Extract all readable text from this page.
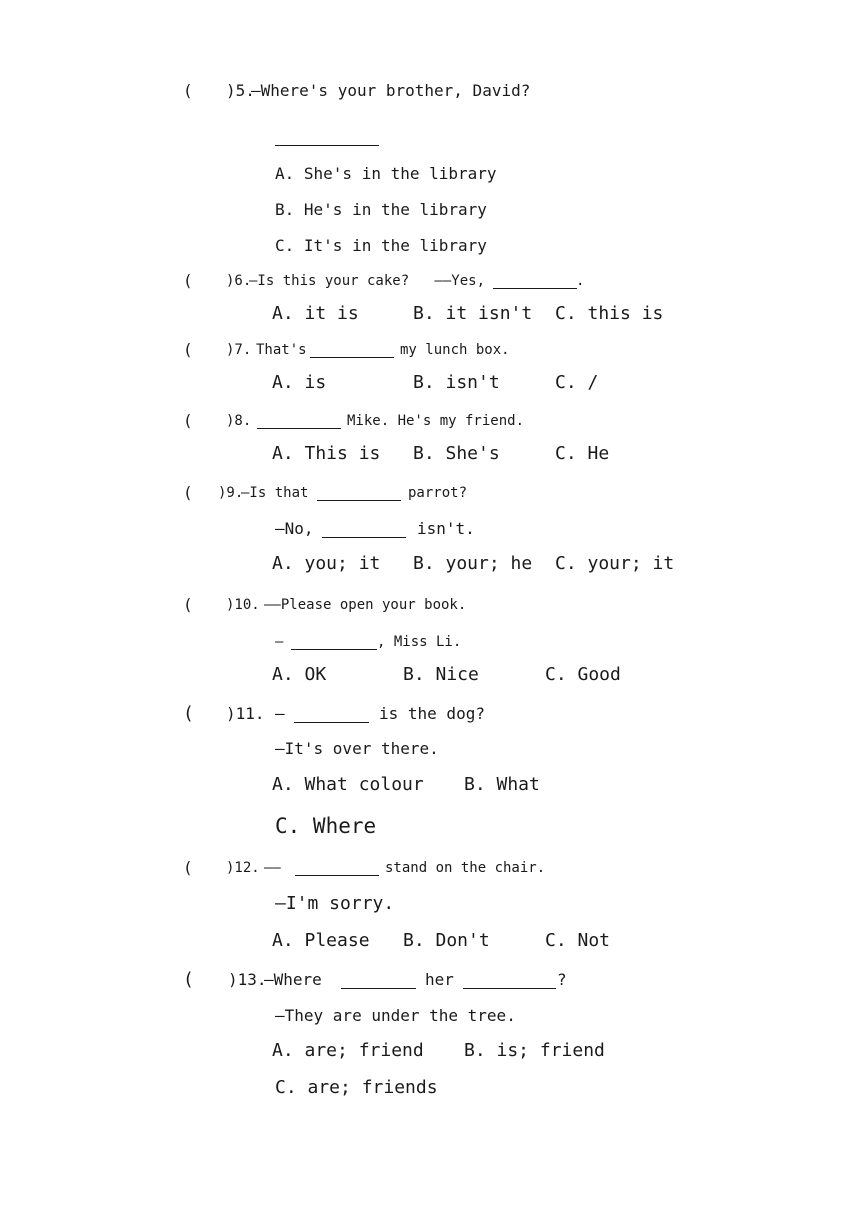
( )5.
—Where's your brother, David?
A. She's in the library
B. He's in the library
C. It's in the library
( )6.
—Is this your cake?   ——Yes,	.
A. it is	B. it isn't C. this is
( )7. That's	my lunch box.
A. is	B. isn't	C. /
( )8.	Mike. He's my friend.
A. This is B. She's	C. He
( )9.
—Is that	parrot?
—No,	isn't.
A. you; it B. your; he C. your; it
( )10. ——Please open your book.
—	, Miss Li.
A. OK	B. Nice	C. Good
( )11. —	is the dog?
—It's over there.
A. What colour B. What
C. Where
( )12. ——	stand on the chair.
—I'm sorry.
A. Please B. Don't	C. Not
( )13.
—Where	her	?
—They are under the tree.
A. are; friend B. is; friend
C. are; friends
